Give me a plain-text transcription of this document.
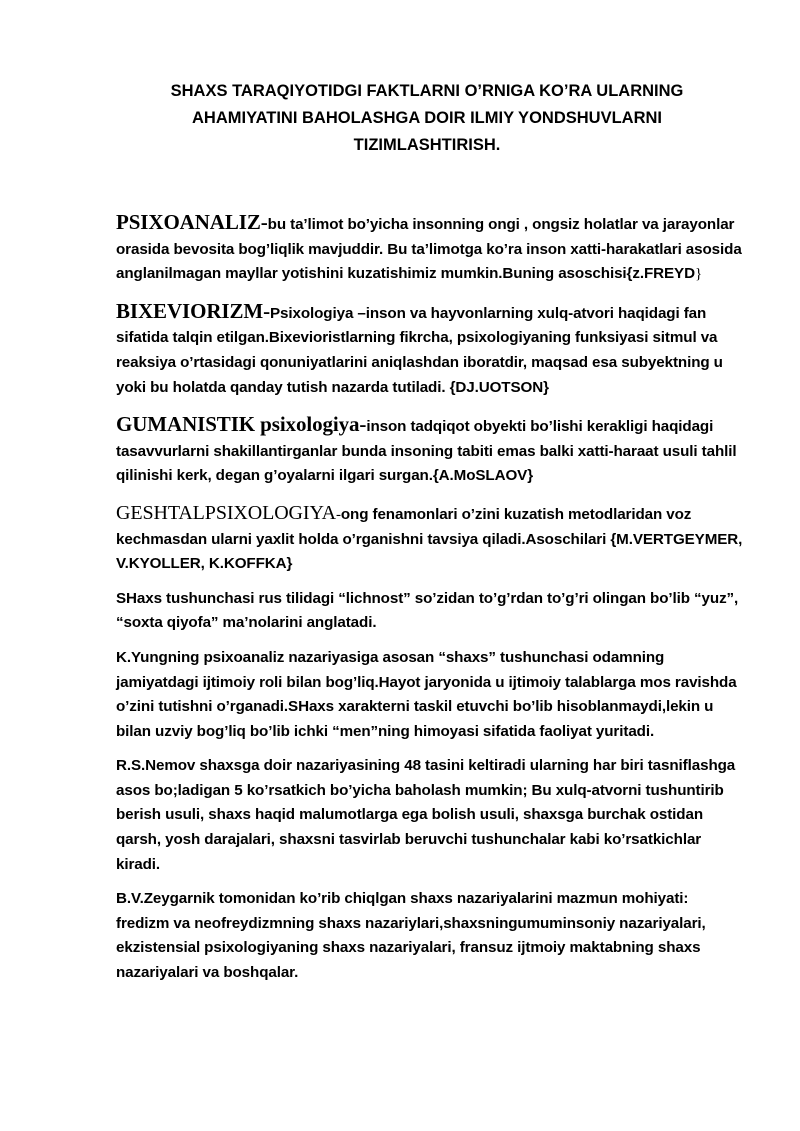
SHAXS TARAQIYOTIDGI FAKTLARNI O’RNIGA KO’RA ULARNING AHAMIYATINI BAHOLASHGA DOIR ILMIY YONDSHUVLARNI TIZIMLASHTIRISH.

PSIXOANALIZ-bu ta’limot bo’yicha insonning ongi , ongsiz holatlar va jarayonlar orasida bevosita bog’liqlik mavjuddir. Bu ta’limotga ko’ra inson xatti-harakatlari asosida anglanilmagan mayllar yotishini kuzatishimiz mumkin.Buning asoschisi{z.FREYD}

BIXEVIORIZM-Psixologiya –inson va hayvonlarning xulq-atvori haqidagi fan sifatida talqin etilgan.Bixevioristlarning fikrcha, psixologiyaning funksiyasi sitmul va reaksiya o’rtasidagi qonuniyatlarini aniqlashdan iboratdir, maqsad esa subyektning u yoki bu holatda qanday tutish nazarda tutiladi. {DJ.UOTSON}

GUMANISTIK psixologiya-inson tadqiqot obyekti bo’lishi kerakligi haqidagi tasavvurlarni shakillantirganlar bunda insoning tabiti emas balki xatti-haraat usuli tahlil qilinishi kerk, degan g’oyalarni ilgari surgan.{A.MoSLAOV}

GESHTALPSIXOLOGIYA-ong fenamonlari o’zini kuzatish metodlaridan voz kechmasdan ularni yaxlit holda o’rganishni tavsiya qiladi.Asoschilari {M.VERTGEYMER, V.KYOLLER, K.KOFFKA}

SHaxs tushunchasi rus tilidagi “lichnost” so’zidan to’g’rdan to’g’ri olingan bo’lib “yuz”, “soxta qiyofa” ma’nolarini anglatadi.

K.Yungning psixoanaliz nazariyasiga asosan “shaxs” tushunchasi odamning jamiyatdagi ijtimoiy roli bilan bog’liq.Hayot jaryonida u ijtimoiy talablarga mos ravishda o’zini tutishni o’rganadi.SHaxs xarakterni taskil etuvchi bo’lib hisoblanmaydi,lekin u bilan uzviy bog’liq bo’lib ichki “men”ning himoyasi sifatida faoliyat yuritadi.

R.S.Nemov shaxsga doir nazariyasining 48 tasini keltiradi ularning har biri tasniflashga asos bo;ladigan 5 ko’rsatkich bo’yicha baholash mumkin; Bu xulq-atvorni tushuntirib berish usuli, shaxs haqid malumotlarga ega bolish usuli, shaxsga burchak ostidan qarsh, yosh darajalari, shaxsni tasvirlab beruvchi tushunchalar kabi ko’rsatkichlar kiradi.

B.V.Zeygarnik tomonidan ko’rib chiqlgan shaxs nazariyalarini mazmun mohiyati: fredizm va neofreydizmning shaxs nazariylari,shaxsningumuminsoniy nazariyalari, ekzistensial psixologiyaning shaxs nazariyalari, fransuz ijtmoiy maktabning shaxs nazariyalari va boshqalar.
